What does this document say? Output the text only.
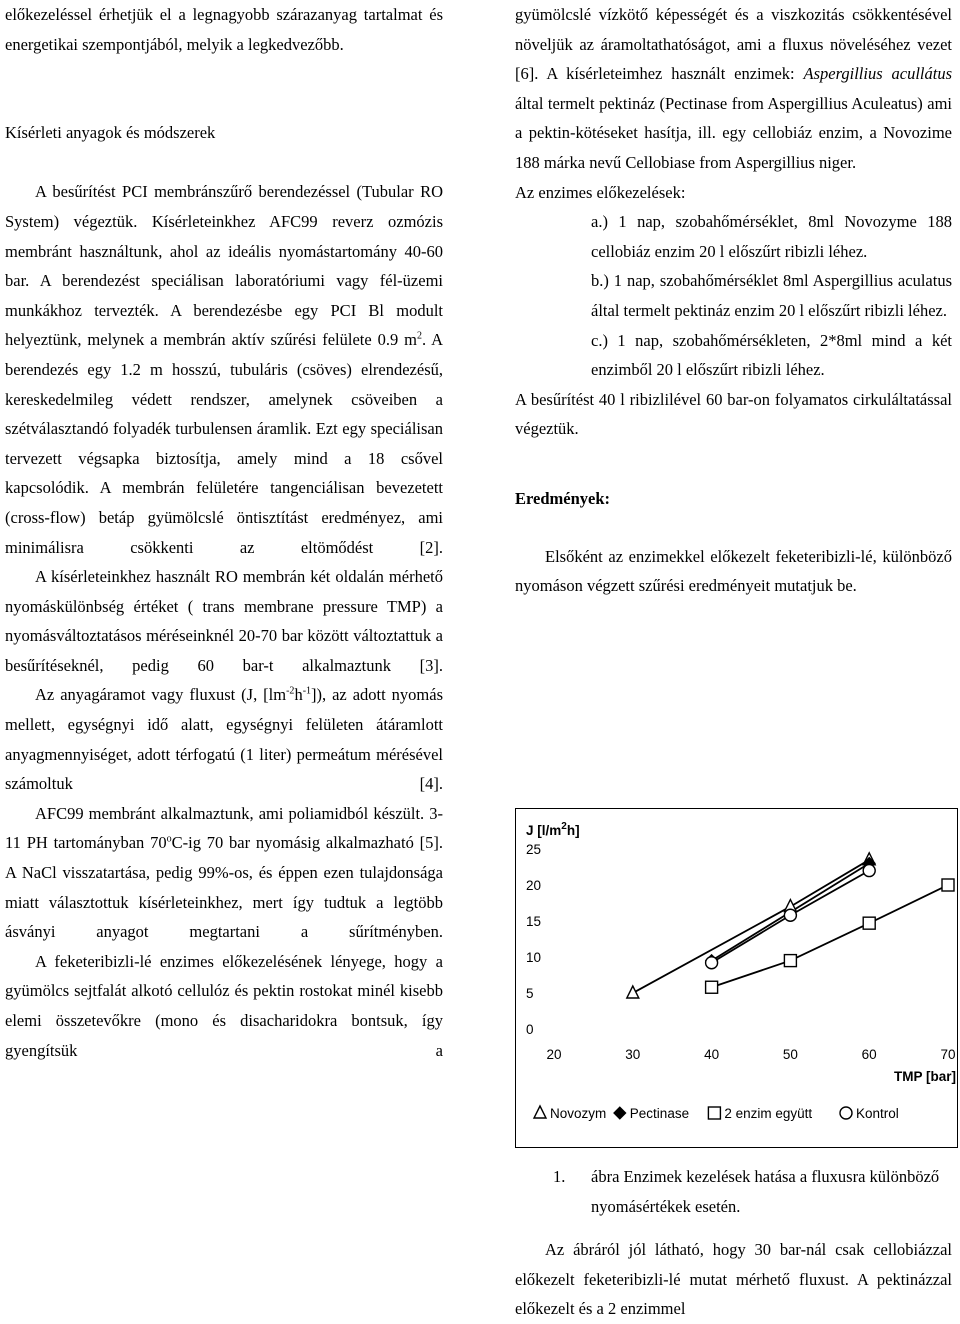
előkezeléssel érhetjük el a legnagyobb szárazanyag tartalmat és energetikai szempontjából, melyik a legkedvezőbb.

Kísérleti anyagok és módszerek

A besűrítést PCI membránszűrő berendezéssel (Tubular RO System) végeztük. Kísérleteinkhez AFC99 reverz ozmózis membránt használtunk, ahol az ideális nyomástartomány 40-60 bar. A berendezést speciálisan laboratóriumi vagy fél-üzemi munkákhoz tervezték. A berendezésbe egy PCI Bl modult helyeztünk, melynek a membrán aktív szűrési felülete 0.9 $m^2$. A berendezés egy 1.2 m hosszú, tubuláris (csöves) elrendezésű, kereskedelmileg védett rendszer, amelynek csöveiben a szétválasztandó folyadék turbulensen áramlik. Ezt egy speciálisan tervezett végsapka biztosítja, amely mind a 18 csővel kapcsolódik. A membrán felületére tangenciálisan bevezetett (cross-flow) betáp gyümölcslé öntisztítást eredményez, ami minimálisra csökkenti az eltömődést [2].

A kísérleteinkhez használt RO membrán két oldalán mérhető nyomáskülönbség értéket ( trans membrane pressure TMP) a nyomásváltoztatásos méréseinknél 20-70 bar között változtattuk a besűrítéseknél, pedig 60 bar-t alkalmaztunk [3].

Az anyagáramot vagy fluxust (J, $[lm^{-2}h^{-1}]$), az adott nyomás mellett, egységnyi idő alatt, egységnyi felületen átáramlott anyagmennyiséget, adott térfogatú (1 liter) permeátum mérésével számoltuk [4].

AFC99 membránt alkalmaztunk, ami poliamidból készült. 3-11 PH tartományban 70$^o$C-ig 70 bar nyomásig alkalmazható [5]. A NaCl visszatartása, pedig 99%-os, és éppen ezen tulajdonsága miatt választottuk kísérleteinkhez, mert így tudtuk a legtöbb ásványi anyagot megtartani a sűrítményben.

A feketeribizli-lé enzimes előkezelésének lényege, hogy a gyümölcs sejtfalát alkotó cellulóz és pektin rostokat minél kisebb elemi összetevőkre (mono és disacharidokra bontsuk, így gyengítsük a

gyümölcslé vízkötő képességét és a viszkozitás csökkentésével növeljük az áramoltathatóságot, ami a fluxus növeléséhez vezet [6]. A kísérleteimhez használt enzimek: Aspergillius acullátus által termelt pektináz (Pectinase from Aspergillius Aculeatus) ami a pektin-kötéseket hasítja, ill. egy cellobiáz enzim, a Novozime 188 márka nevű Cellobiase from Aspergillius niger.

Az enzimes előkezelések:

a.) 1 nap, szobahőmérséklet, 8ml Novozyme 188 cellobiáz enzim 20 l előszűrt ribizli léhez.

b.) 1 nap, szobahőmérséklet 8ml Aspergillius aculatus által termelt pektináz enzim 20 l előszűrt ribizli léhez.

c.) 1 nap, szobahőmérsékleten, 2*8ml mind a két enzimből 20 l előszűrt ribizli léhez.

A besűrítést 40 l ribizlilével 60 bar-on folyamatos cirkuláltatással végeztük.

Eredmények:

Elsőként az enzimekkel előkezelt feketeribizli-lé, különböző nyomáson végzett szűrési eredményeit mutatjuk be.

25
20
15
10
5
0
20	30	40	50	60	70
Novozym Pectinase	2 enzim együtt	Kontrol
J $[l/m^2h]$
TMP [bar]
1. ábra Enzimek kezelések hatása a fluxusra különböző nyomásértékek esetén.
Az ábráról jól látható, hogy 30 bar-nál csak cellobiázzal előkezelt feketeribizli-lé mutat mérhető fluxust. A pektinázzal előkezelt és a 2 enzimmel
